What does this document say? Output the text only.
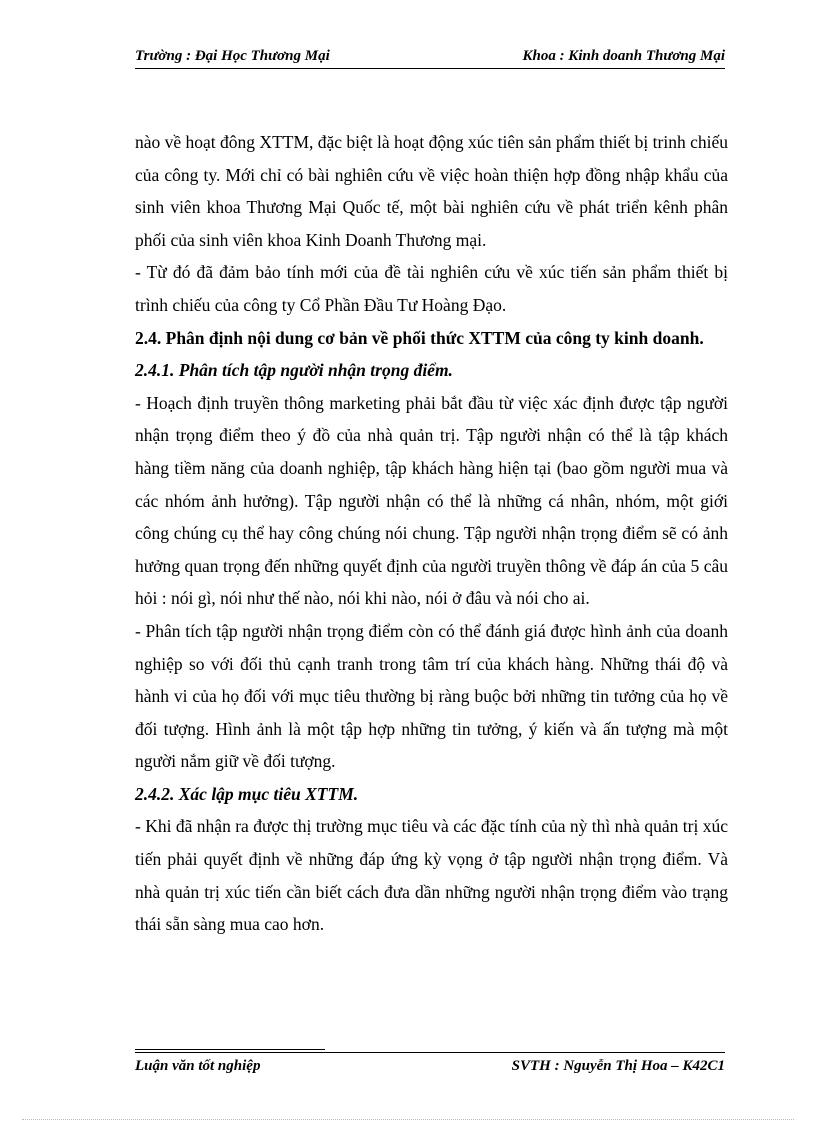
Trường : Đại Học Thương Mại	Khoa : Kinh doanh Thương Mại

nào về hoạt đông XTTM, đặc biệt là hoạt động xúc tiên sản phẩm thiết bị trinh chiếu của công ty. Mới chỉ có bài nghiên cứu về việc hoàn thiện hợp đồng nhập khẩu của sinh viên khoa Thương Mại Quốc tế, một bài nghiên cứu về phát triển kênh phân phối của sinh viên khoa Kinh Doanh Thương mại.

- Từ đó đã đảm bảo tính mới của đề tài nghiên cứu về xúc tiến sản phẩm thiết bị trình chiếu của công ty Cổ Phần Đầu Tư Hoàng Đạo.

2.4. Phân định nội dung cơ bản về phối thức XTTM của công ty kinh doanh.

2.4.1. Phân tích tập người nhận trọng điểm.

- Hoạch định truyền thông marketing phải bắt đầu từ việc xác định được tập người nhận trọng điểm theo ý đồ của nhà quản trị. Tập người nhận có thể là tập khách hàng tiềm năng của doanh nghiệp, tập khách hàng hiện tại (bao gồm người mua và các nhóm ảnh hưởng). Tập người nhận có thể là những cá nhân, nhóm, một giới công chúng cụ thể hay công chúng nói chung. Tập người nhận trọng điểm sẽ có ảnh hưởng quan trọng đến những quyết định của người truyền thông về đáp án của 5 câu hỏi : nói gì, nói như thế nào, nói khi nào, nói ở đâu và nói cho ai.

- Phân tích tập người nhận trọng điểm còn có thể đánh giá được hình ảnh của doanh nghiệp so với đối thủ cạnh tranh trong tâm trí của khách hàng. Những thái độ và hành vi của họ đối với mục tiêu thường bị ràng buộc bởi những tin tưởng của họ về đối tượng. Hình ảnh là một tập hợp những tin tưởng, ý kiến và ấn tượng mà một người nắm giữ về đối tượng.

2.4.2. Xác lập mục tiêu XTTM.

- Khi đã nhận ra được thị trường mục tiêu và các đặc tính của nỳ thì nhà quản trị xúc tiến phải quyết định về những đáp ứng kỳ vọng ở tập người nhận trọng điểm. Và nhà quản trị xúc tiến cần biết cách đưa dần những người nhận trọng điểm vào trạng thái sẵn sàng mua cao hơn.

Luận văn tốt nghiệp	SVTH : Nguyễn Thị Hoa – K42C1
